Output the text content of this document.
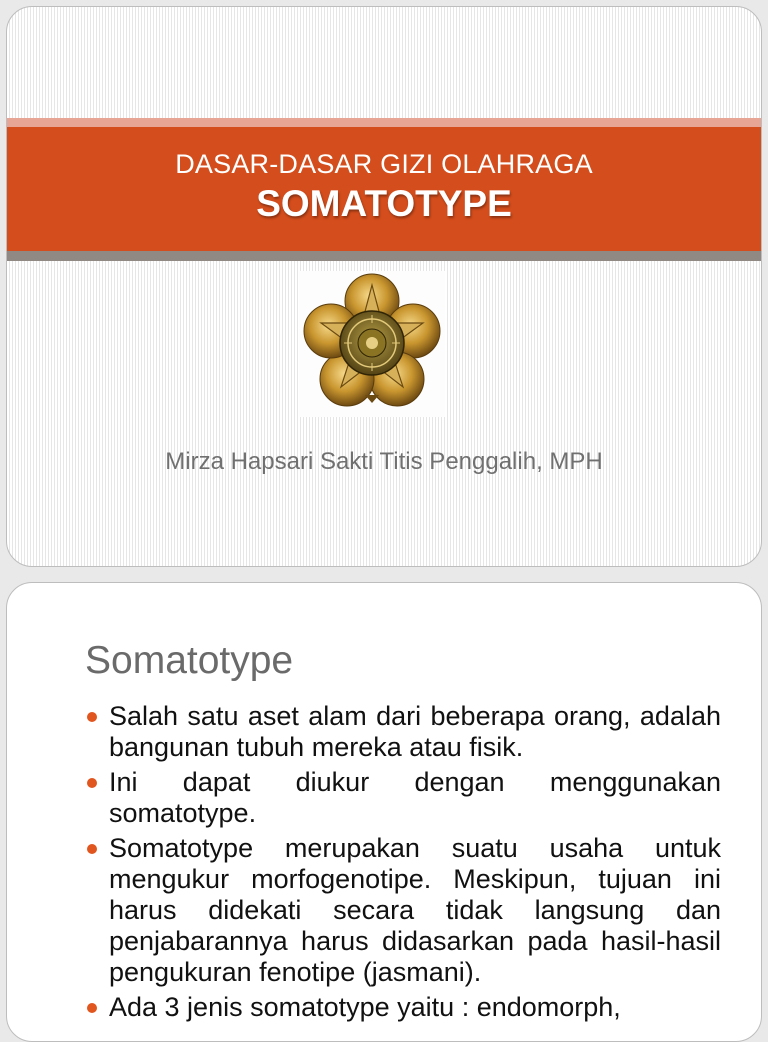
DASAR-DASAR GIZI OLAHRAGA
SOMATOTYPE
Mirza Hapsari Sakti Titis Penggalih, MPH
Somatotype
Salah satu aset alam dari beberapa orang, adalah bangunan tubuh mereka atau fisik.
Ini dapat diukur dengan menggunakan somatotype.
Somatotype merupakan suatu usaha untuk mengukur morfogenotipe. Meskipun, tujuan ini harus didekati secara tidak langsung dan penjabarannya harus didasarkan pada hasil-hasil pengukuran fenotipe (jasmani).
Ada 3 jenis somatotype yaitu : endomorph,
